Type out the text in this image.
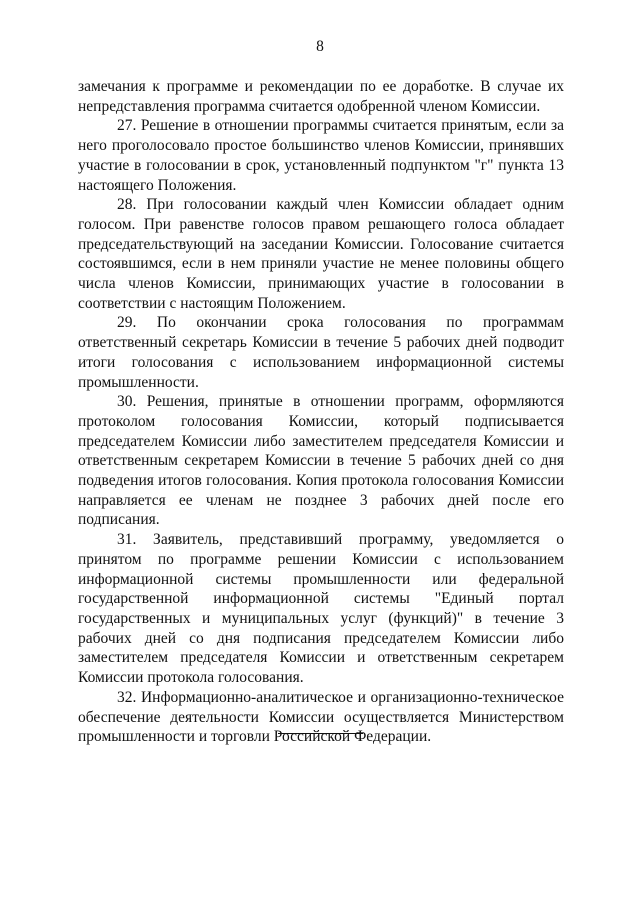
8

замечания к программе и рекомендации по ее доработке. В случае их непредставления программа считается одобренной членом Комиссии.

27. Решение в отношении программы считается принятым, если за него проголосовало простое большинство членов Комиссии, принявших участие в голосовании в срок, установленный подпунктом "г" пункта 13 настоящего Положения.

28. При голосовании каждый член Комиссии обладает одним голосом. При равенстве голосов правом решающего голоса обладает председательствующий на заседании Комиссии. Голосование считается состоявшимся, если в нем приняли участие не менее половины общего числа членов Комиссии, принимающих участие в голосовании в соответствии с настоящим Положением.

29. По окончании срока голосования по программам ответственный секретарь Комиссии в течение 5 рабочих дней подводит итоги голосования с использованием информационной системы промышленности.

30. Решения, принятые в отношении программ, оформляются протоколом голосования Комиссии, который подписывается председателем Комиссии либо заместителем председателя Комиссии и ответственным секретарем Комиссии в течение 5 рабочих дней со дня подведения итогов голосования. Копия протокола голосования Комиссии направляется ее членам не позднее 3 рабочих дней после его подписания.

31. Заявитель, представивший программу, уведомляется о принятом по программе решении Комиссии с использованием информационной системы промышленности или федеральной государственной информационной системы "Единый портал государственных и муниципальных услуг (функций)" в течение 3 рабочих дней со дня подписания председателем Комиссии либо заместителем председателя Комиссии и ответственным секретарем Комиссии протокола голосования.

32. Информационно-аналитическое и организационно-техническое обеспечение деятельности Комиссии осуществляется Министерством промышленности и торговли Российской Федерации.
